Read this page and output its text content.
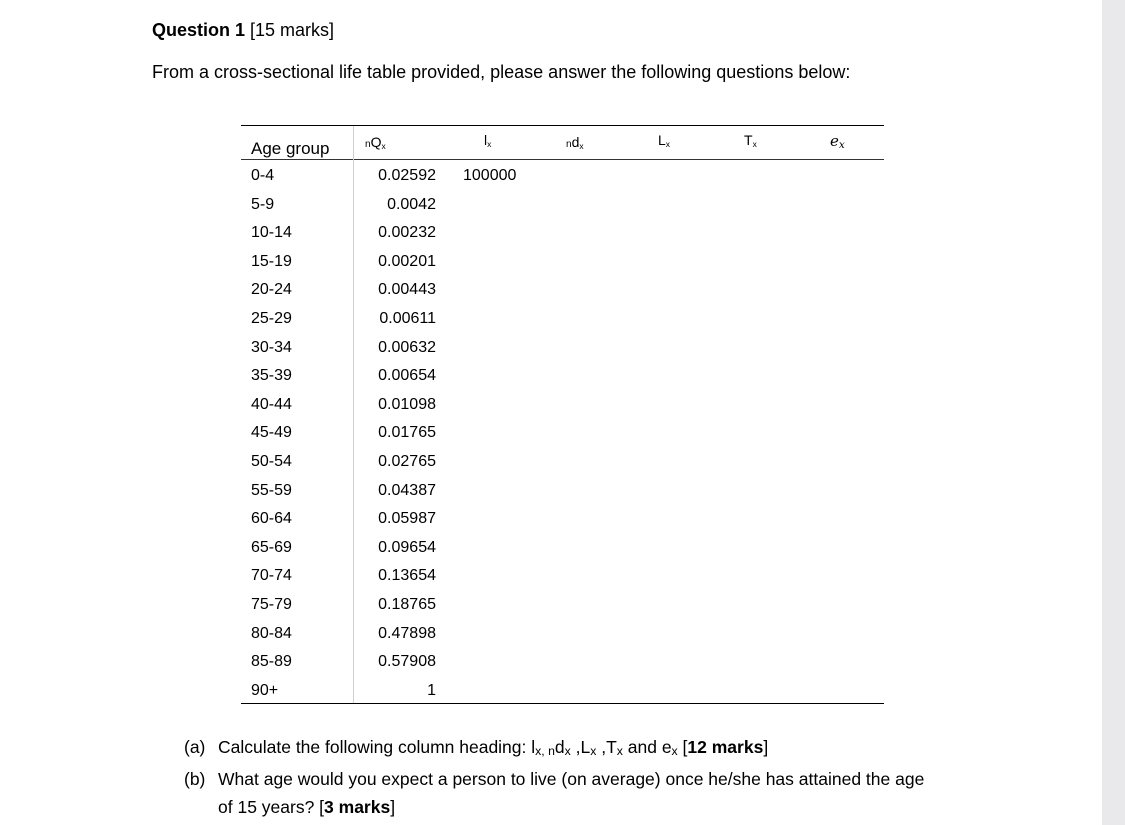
Question 1 [15 marks]
From a cross-sectional life table provided, please answer the following questions below:
Age group	$nQ_x$	$l_x$	$nd_x$	$L_x$	$T_x$	$e_x$
0-4	0.02592 100000
5-9	0.0042
10-14	0.00232
15-19	0.00201
20-24	0.00443
25-29	0.00611
30-34	0.00632
35-39	0.00654
40-44	0.01098
45-49	0.01765
50-54	0.02765
55-59	0.04387
60-64	0.05987
65-69	0.09654
70-74	0.13654
75-79	0.18765
80-84	0.47898
85-89	0.57908
90+	1
(a) Calculate the following column heading: $l_{x, n}d_x$ $,L_x$ $,T_x$ and $e_x$ [12 marks]
(b) What age would you expect a person to live (on average) once he/she has attained the age
of 15 years? [3 marks]
